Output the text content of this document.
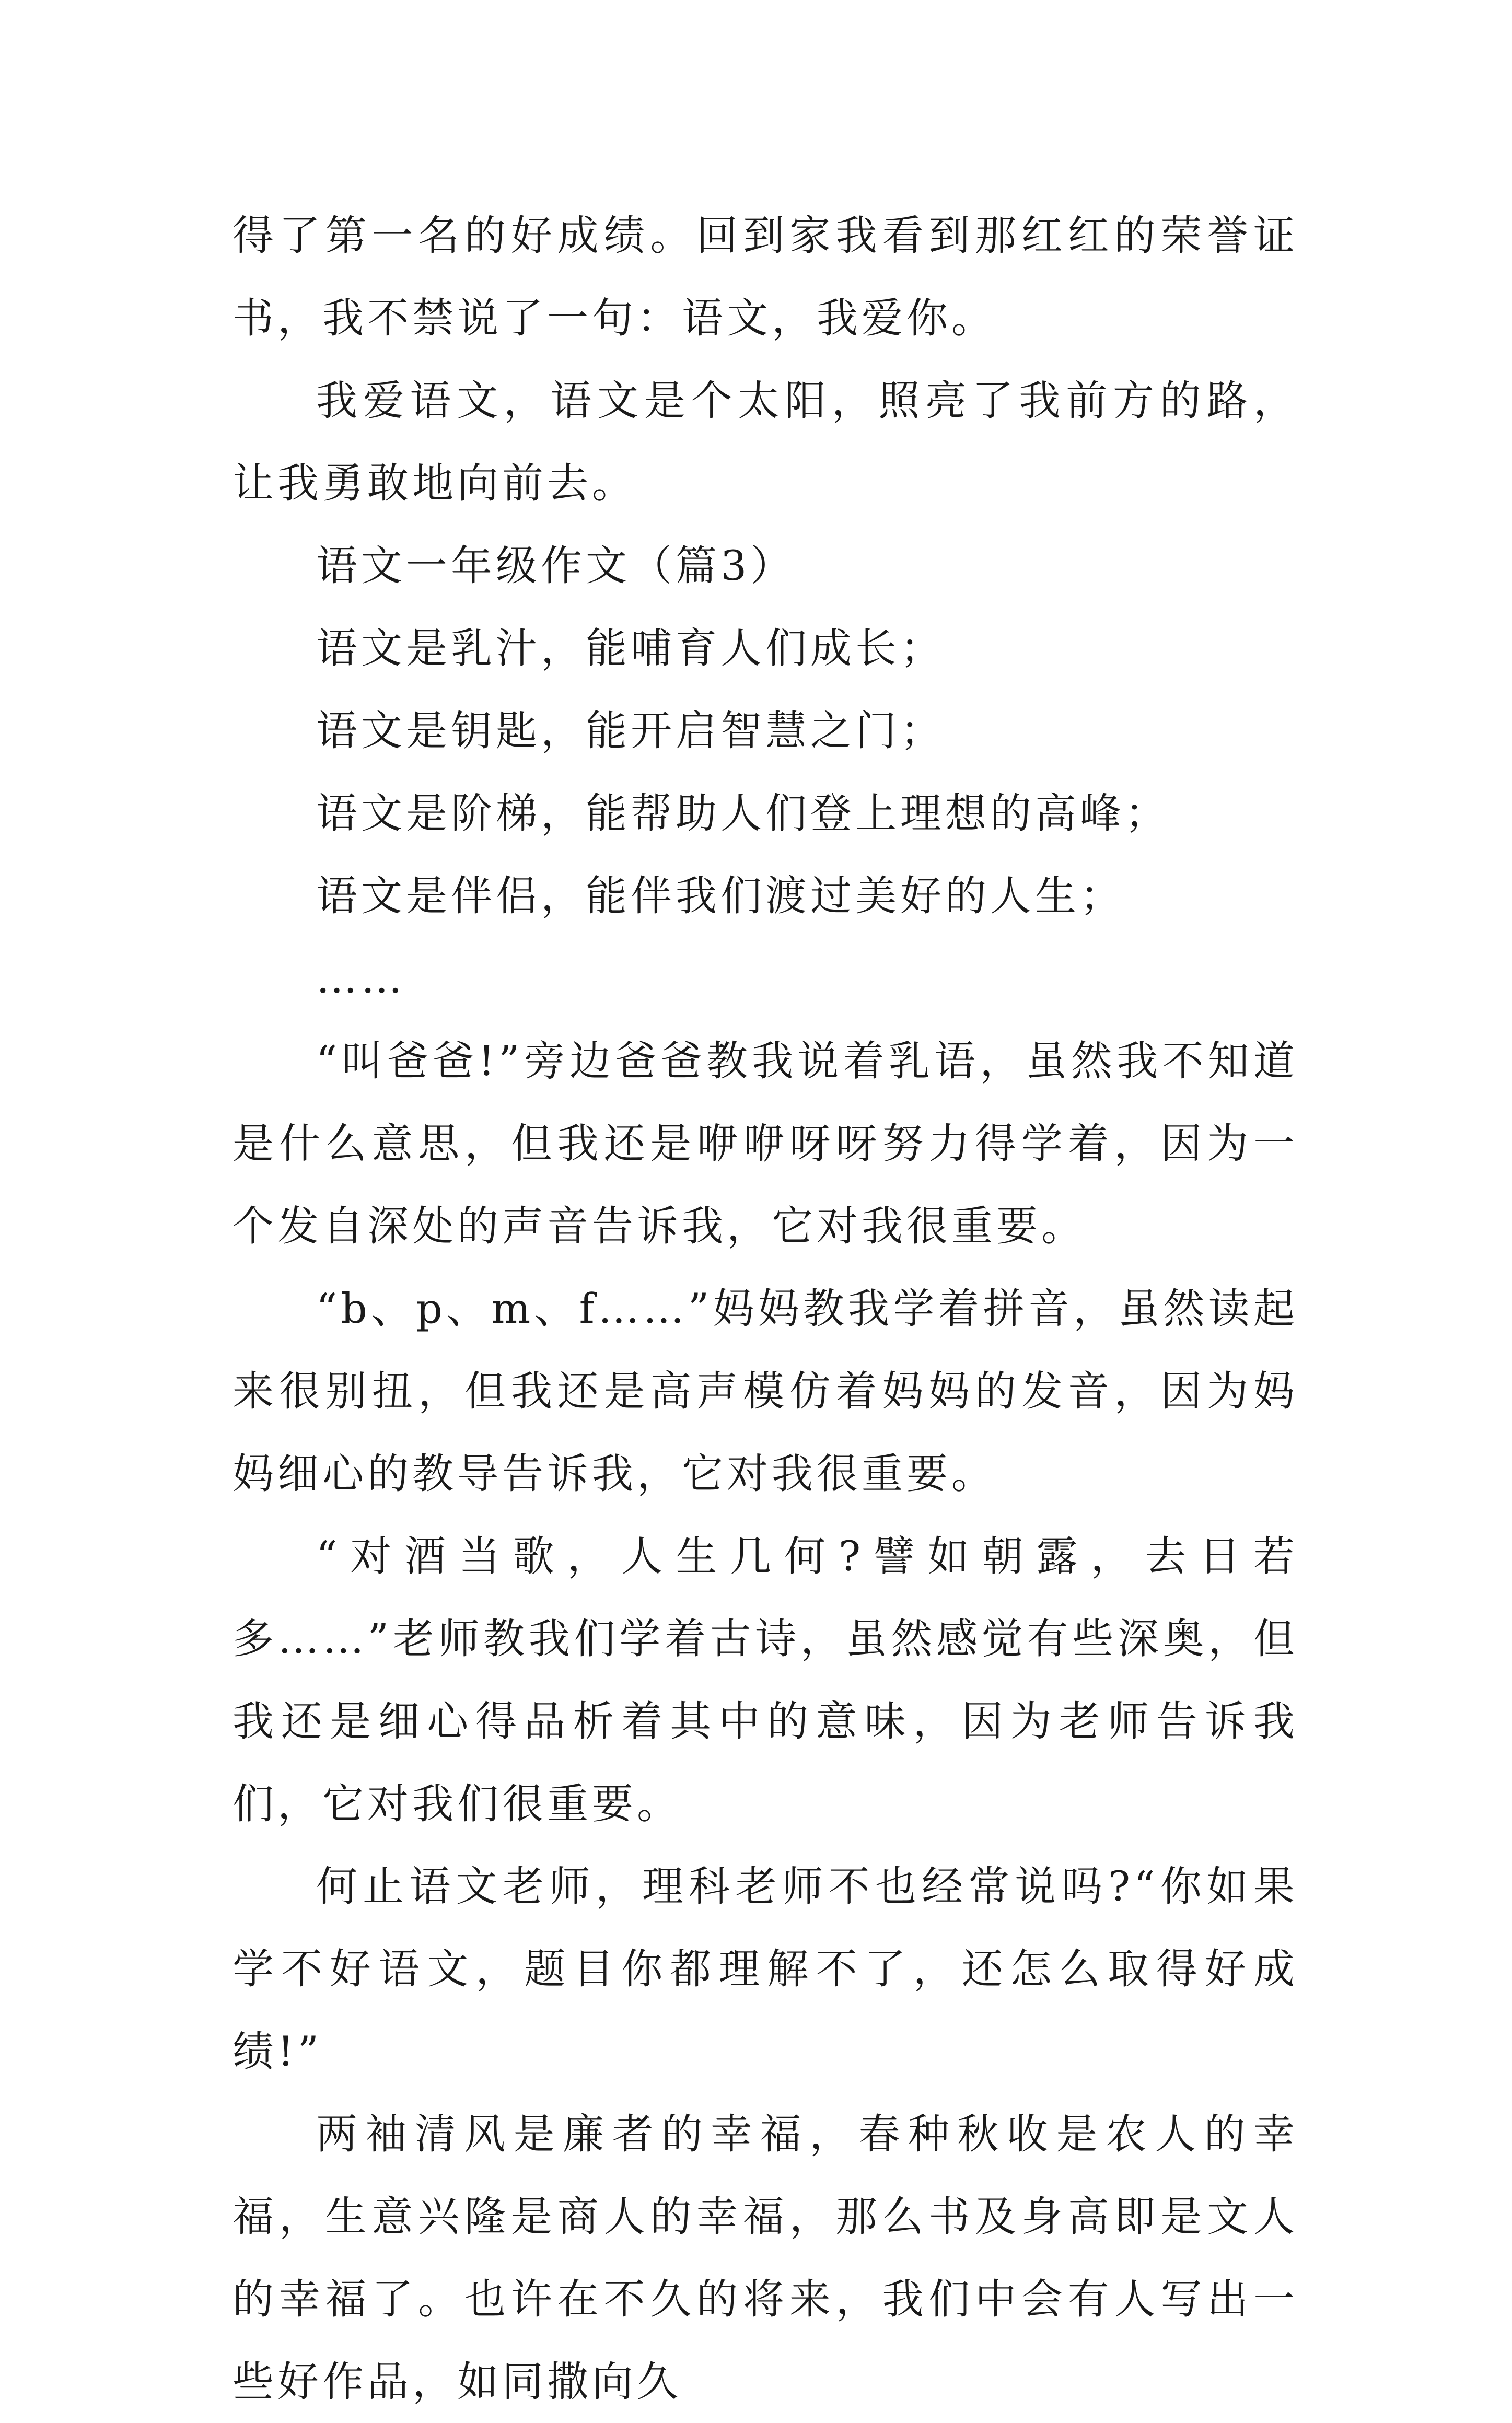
得了第一名的好成绩。回到家我看到那红红的荣誉证书，我不禁说了一句：语文，我爱你。

我爱语文，语文是个太阳，照亮了我前方的路，让我勇敢地向前去。

语文一年级作文（篇3）

语文是乳汁，能哺育人们成长；

语文是钥匙，能开启智慧之门；

语文是阶梯，能帮助人们登上理想的高峰；

语文是伴侣，能伴我们渡过美好的人生；

……

“叫爸爸!”旁边爸爸教我说着乳语，虽然我不知道是什么意思，但我还是咿咿呀呀努力得学着，因为一个发自深处的声音告诉我，它对我很重要。

“b、p、m、f……”妈妈教我学着拼音，虽然读起来很别扭，但我还是高声模仿着妈妈的发音，因为妈妈细心的教导告诉我，它对我很重要。

“对酒当歌，人生几何?譬如朝露，去日若多……”老师教我们学着古诗，虽然感觉有些深奥，但我还是细心得品析着其中的意味，因为老师告诉我们，它对我们很重要。

何止语文老师，理科老师不也经常说吗?“你如果学不好语文，题目你都理解不了，还怎么取得好成绩!”

两袖清风是廉者的幸福，春种秋收是农人的幸福，生意兴隆是商人的幸福，那么书及身高即是文人的幸福了。也许在不久的将来，我们中会有人写出一些好作品，如同撒向久
